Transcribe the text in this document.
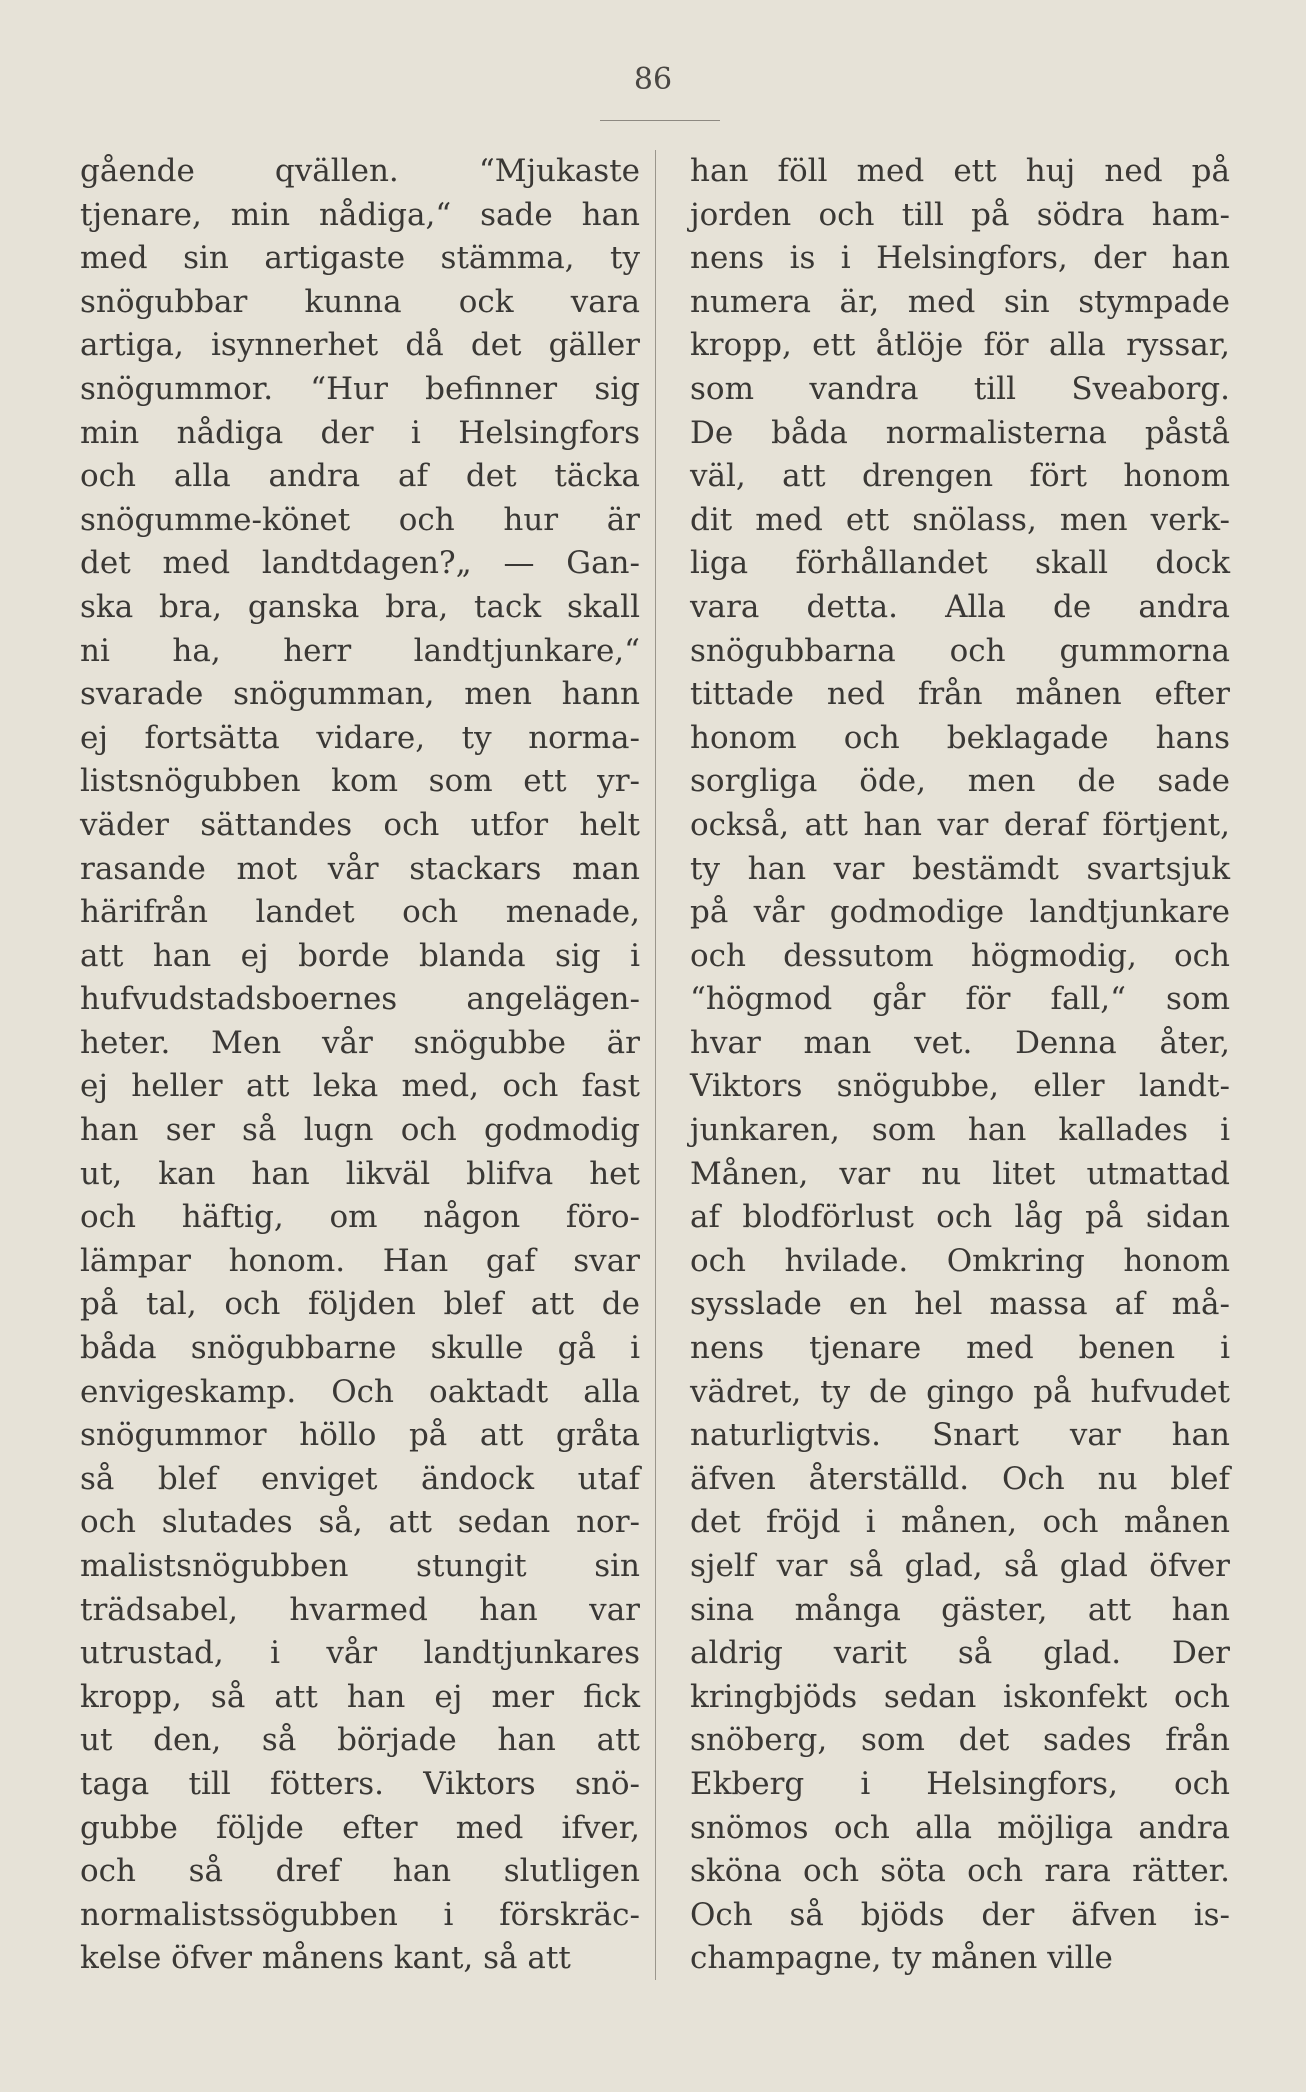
86
gående qvällen. “Mjukaste
tjenare, min nådiga,“ sade han
med sin artigaste stämma, ty
snögubbar kunna ock vara
artiga, isynnerhet då det gäller
snögummor. “Hur befinner sig
min nådiga der i Helsingfors
och alla andra af det täcka
snögumme-könet och hur är
det med landtdagen?„ — Gan-
ska bra, ganska bra, tack skall
ni ha, herr landtjunkare,“
svarade snögumman, men hann
ej fortsätta vidare, ty norma-
listsnögubben kom som ett yr-
väder sättandes och utfor helt
rasande mot vår stackars man
härifrån landet och menade,
att han ej borde blanda sig i
hufvudstadsboernes angelägen-
heter. Men vår snögubbe är
ej heller att leka med, och fast
han ser så lugn och godmodig
ut, kan han likväl blifva het
och häftig, om någon föro-
lämpar honom. Han gaf svar
på tal, och följden blef att de
båda snögubbarne skulle gå i
envigeskamp. Och oaktadt alla
snögummor höllo på att gråta
så blef enviget ändock utaf
och slutades så, att sedan nor-
malistsnögubben stungit sin
trädsabel, hvarmed han var
utrustad, i vår landtjunkares
kropp, så att han ej mer fick
ut den, så började han att
taga till fötters. Viktors snö-
gubbe följde efter med ifver,
och så dref han slutligen
normalistssögubben i förskräc-
kelse öfver månens kant, så att
han föll med ett huj ned på
jorden och till på södra ham-
nens is i Helsingfors, der han
numera är, med sin stympade
kropp, ett åtlöje för alla ryssar,
som vandra till Sveaborg.
De båda normalisterna påstå
väl, att drengen fört honom
dit med ett snölass, men verk-
liga förhållandet skall dock
vara detta. Alla de andra
snögubbarna och gummorna
tittade ned från månen efter
honom och beklagade hans
sorgliga öde, men de sade
också, att han var deraf förtjent,
ty han var bestämdt svartsjuk
på vår godmodige landtjunkare
och dessutom högmodig, och
“högmod går för fall,“ som
hvar man vet. Denna åter,
Viktors snögubbe, eller landt-
junkaren, som han kallades i
Månen, var nu litet utmattad
af blodförlust och låg på sidan
och hvilade. Omkring honom
sysslade en hel massa af må-
nens tjenare med benen i
vädret, ty de gingo på hufvudet
naturligtvis. Snart var han
äfven återställd. Och nu blef
det fröjd i månen, och månen
sjelf var så glad, så glad öfver
sina många gäster, att han
aldrig varit så glad. Der
kringbjöds sedan iskonfekt och
snöberg, som det sades från
Ekberg i Helsingfors, och
snömos och alla möjliga andra
sköna och söta och rara rätter.
Och så bjöds der äfven is-
champagne, ty månen ville
